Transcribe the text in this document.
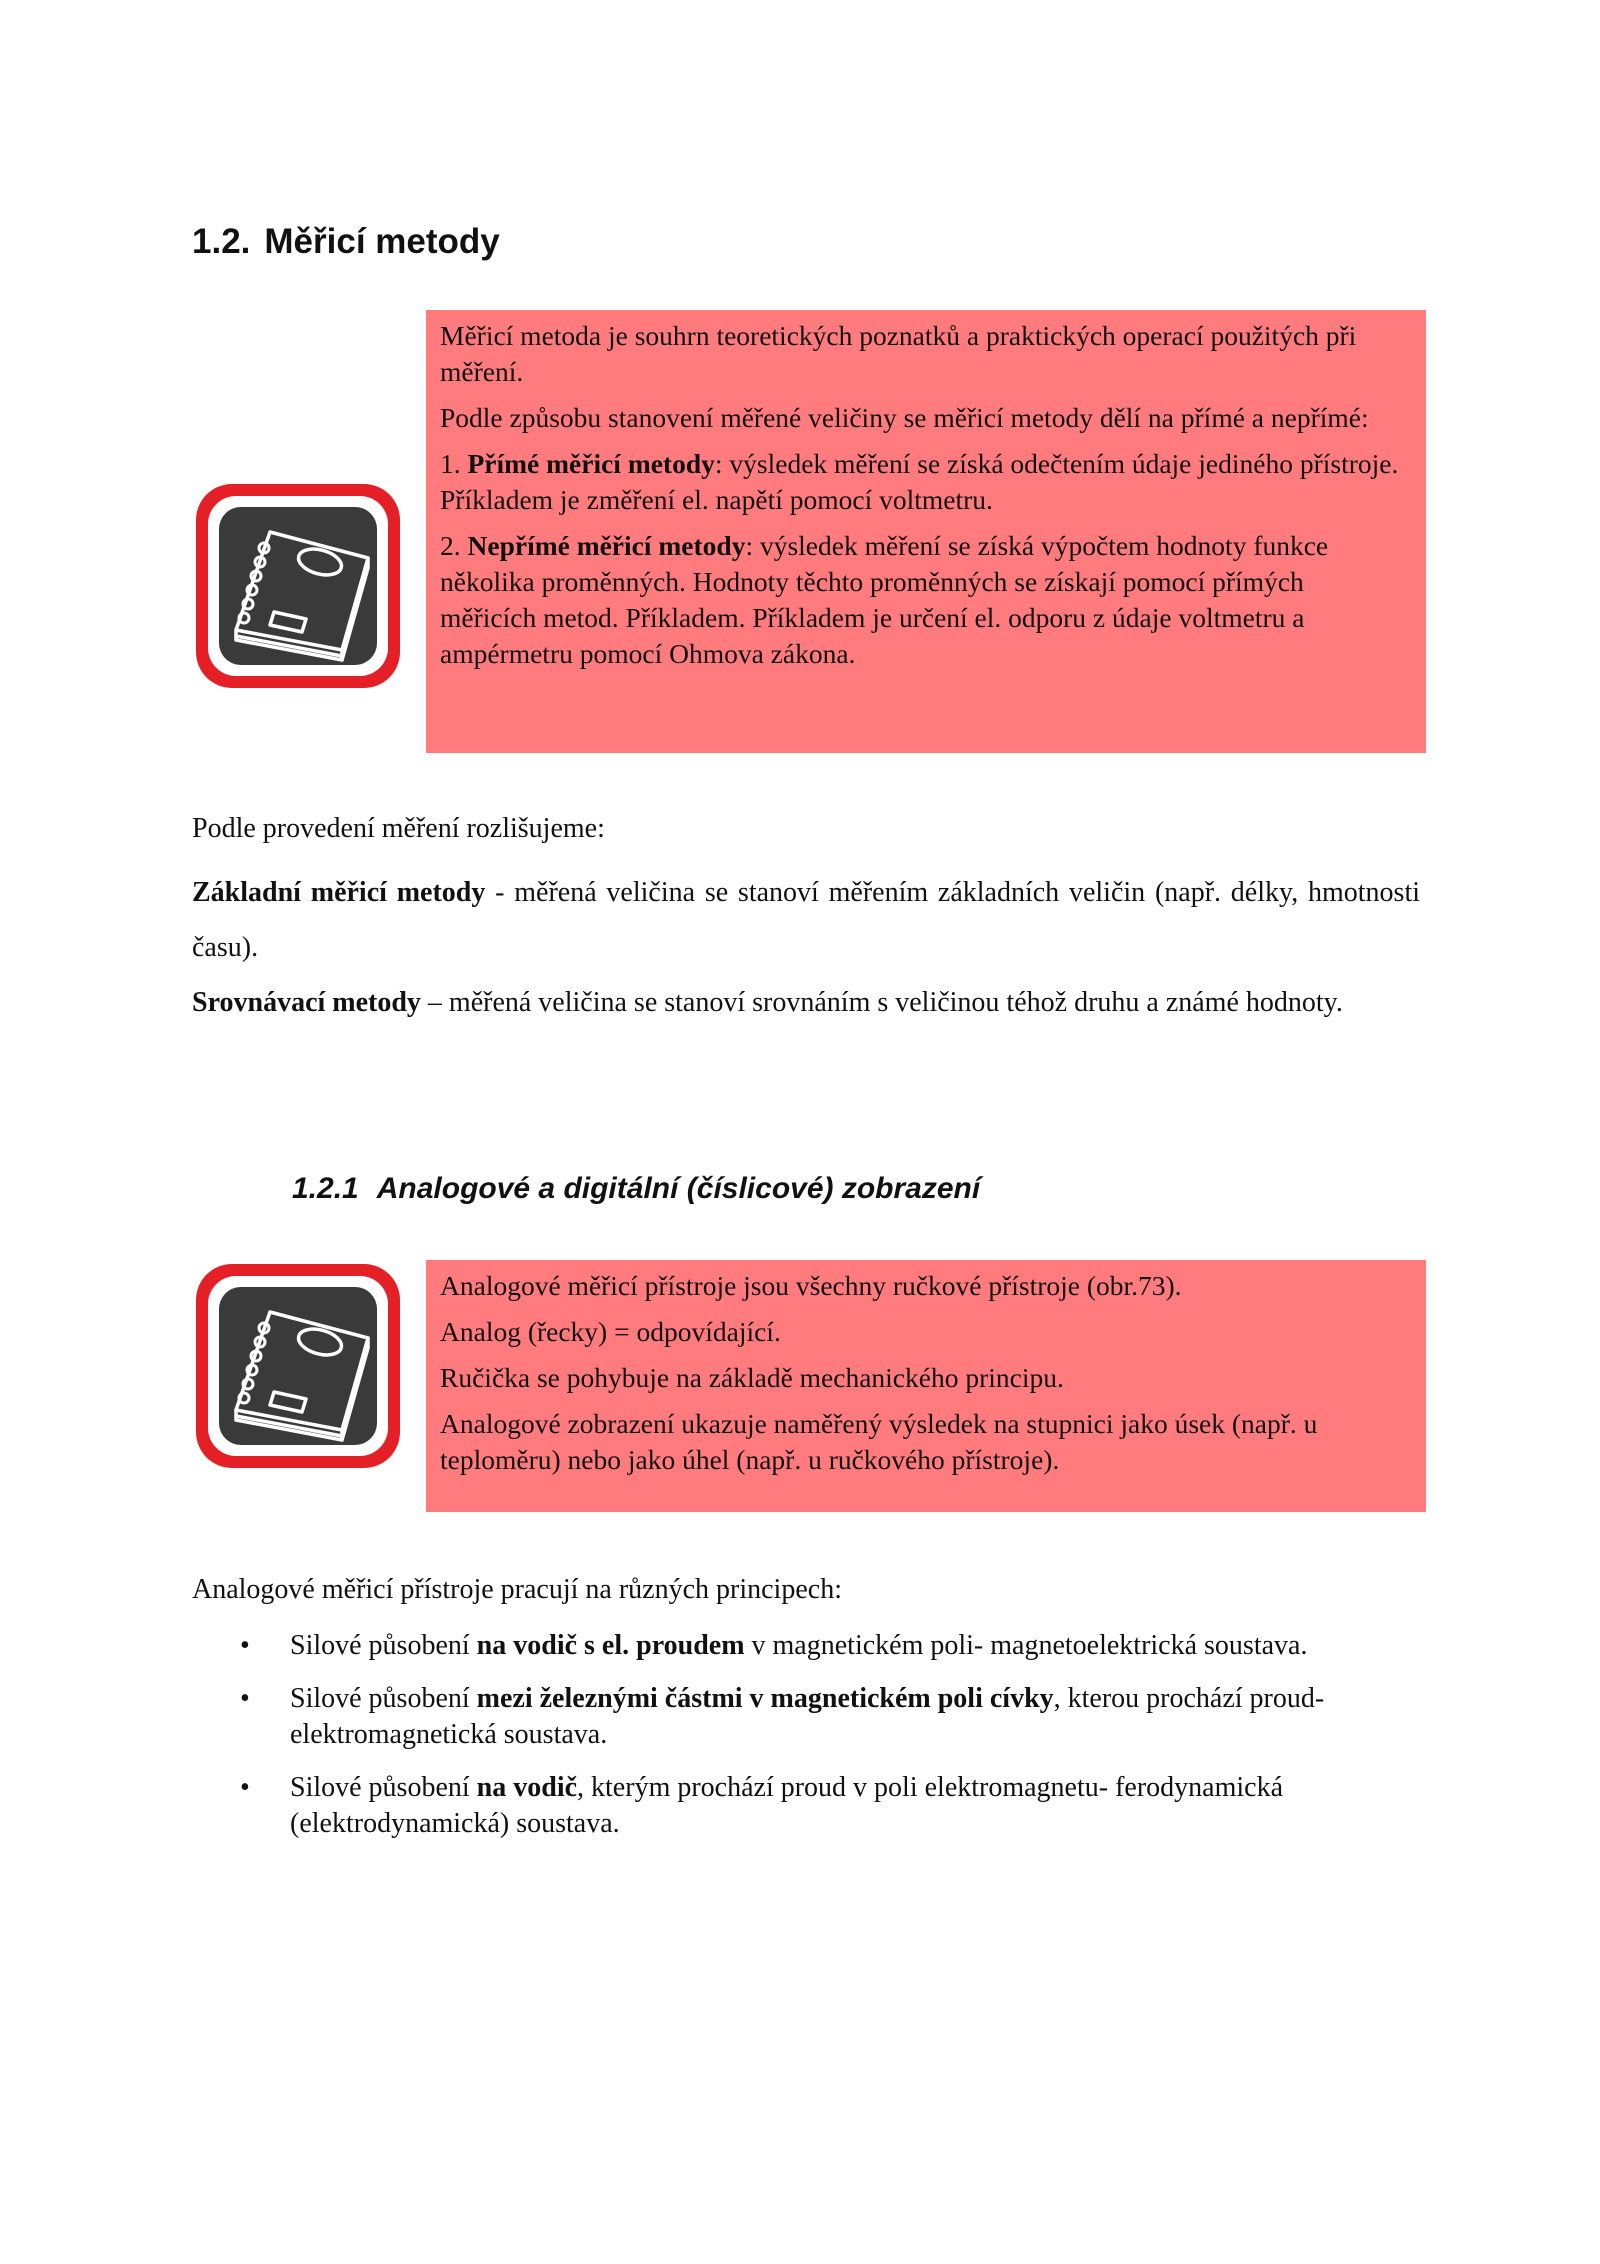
1.2. Měřicí metody

Měřicí metoda je souhrn teoretických poznatků a praktických operací použitých při měření.

Podle způsobu stanovení měřené veličiny se měřicí metody dělí na přímé a nepřímé:

1. Přímé měřicí metody: výsledek měření se získá odečtením údaje jediného přístroje. Příkladem je změření el. napětí pomocí voltmetru.

2. Nepřímé měřicí metody: výsledek měření se získá výpočtem hodnoty funkce několika proměnných. Hodnoty těchto proměnných se získají pomocí přímých měřicích metod. Příkladem. Příkladem je určení el. odporu z údaje voltmetru a ampérmetru pomocí Ohmova zákona.

Podle provedení měření rozlišujeme:

Základní měřicí metody - měřená veličina se stanoví měřením základních veličin (např. délky, hmotnosti času).

Srovnávací metody – měřená veličina se stanoví srovnáním s veličinou téhož druhu a známé hodnoty.

1.2.1 Analogové a digitální (číslicové) zobrazení

Analogové měřicí přístroje jsou všechny ručkové přístroje (obr.73).

Analog (řecky) = odpovídající.

Ručička se pohybuje na základě mechanického principu.

Analogové zobrazení ukazuje naměřený výsledek na stupnici jako úsek (např. u teploměru) nebo jako úhel (např. u ručkového přístroje).

Analogové měřicí přístroje pracují na různých principech:

• Silové působení na vodič s el. proudem v magnetickém poli- magnetoelektrická soustava.
• Silové působení mezi železnými částmi v magnetickém poli cívky, kterou prochází proud- elektromagnetická soustava.
• Silové působení na vodič, kterým prochází proud v poli elektromagnetu- ferodynamická (elektrodynamická) soustava.
